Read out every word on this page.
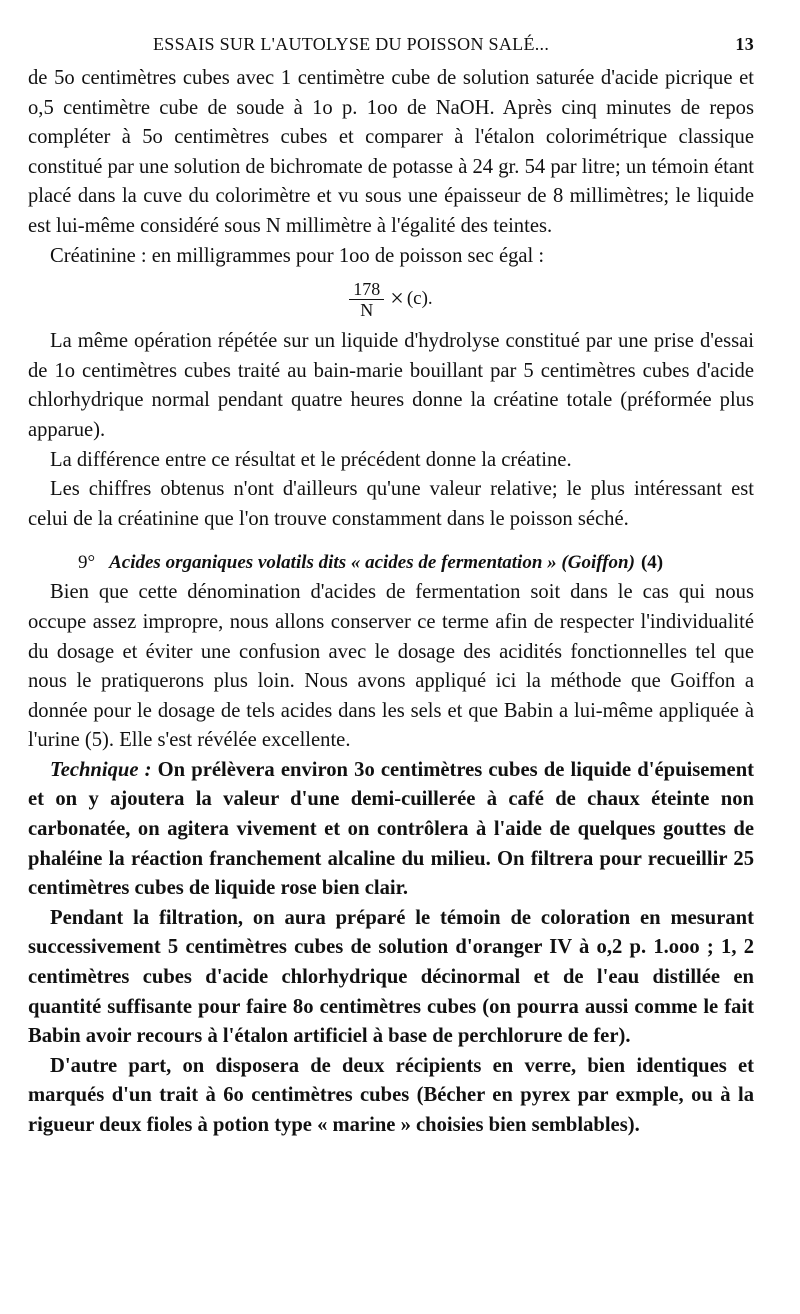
ESSAIS SUR L'AUTOLYSE DU POISSON SALÉ...	13

de 5o centimètres cubes avec 1 centimètre cube de solution saturée d'acide picrique et o,5 centimètre cube de soude à 1o p. 1oo de NaOH. Après cinq minutes de repos compléter à 5o centimètres cubes et comparer à l'étalon colorimétrique classique constitué par une solution de bichromate de potasse à 24 gr. 54 par litre; un témoin étant placé dans la cuve du colorimètre et vu sous une épaisseur de 8 millimètres; le liquide est lui-même considéré sous N millimètre à l'égalité des teintes.

Créatinine : en milligrammes pour 1oo de poisson sec égal :

$\frac{178}{N} \times (c)$.

La même opération répétée sur un liquide d'hydrolyse constitué par une prise d'essai de 1o centimètres cubes traité au bain-marie bouillant par 5 centimètres cubes d'acide chlorhydrique normal pendant quatre heures donne la créatine totale (préformée plus apparue).

La différence entre ce résultat et le précédent donne la créatine.

Les chiffres obtenus n'ont d'ailleurs qu'une valeur relative; le plus intéressant est celui de la créatinine que l'on trouve constamment dans le poisson séché.

9° Acides organiques volatils dits « acides de fermentation » (Goiffon) (4)

Bien que cette dénomination d'acides de fermentation soit dans le cas qui nous occupe assez impropre, nous allons conserver ce terme afin de respecter l'individualité du dosage et éviter une confusion avec le dosage des acidités fonctionnelles tel que nous le pratiquerons plus loin. Nous avons appliqué ici la méthode que Goiffon a donnée pour le dosage de tels acides dans les sels et que Babin a lui-même appliquée à l'urine (5). Elle s'est révélée excellente.

Technique : On prélèvera environ 3o centimètres cubes de liquide d'épuisement et on y ajoutera la valeur d'une demi-cuillerée à café de chaux éteinte non carbonatée, on agitera vivement et on contrôlera à l'aide de quelques gouttes de phaléine la réaction franchement alcaline du milieu. On filtrera pour recueillir 25 centimètres cubes de liquide rose bien clair.

Pendant la filtration, on aura préparé le témoin de coloration en mesurant successivement 5 centimètres cubes de solution d'oranger IV à o,2 p. 1.ooo ; 1, 2 centimètres cubes d'acide chlorhydrique décinormal et de l'eau distillée en quantité suffisante pour faire 8o centimètres cubes (on pourra aussi comme le fait Babin avoir recours à l'étalon artificiel à base de perchlorure de fer).

D'autre part, on disposera de deux récipients en verre, bien identiques et marqués d'un trait à 6o centimètres cubes (Bécher en pyrex par exmple, ou à la rigueur deux fioles à potion type « marine » choisies bien semblables).
